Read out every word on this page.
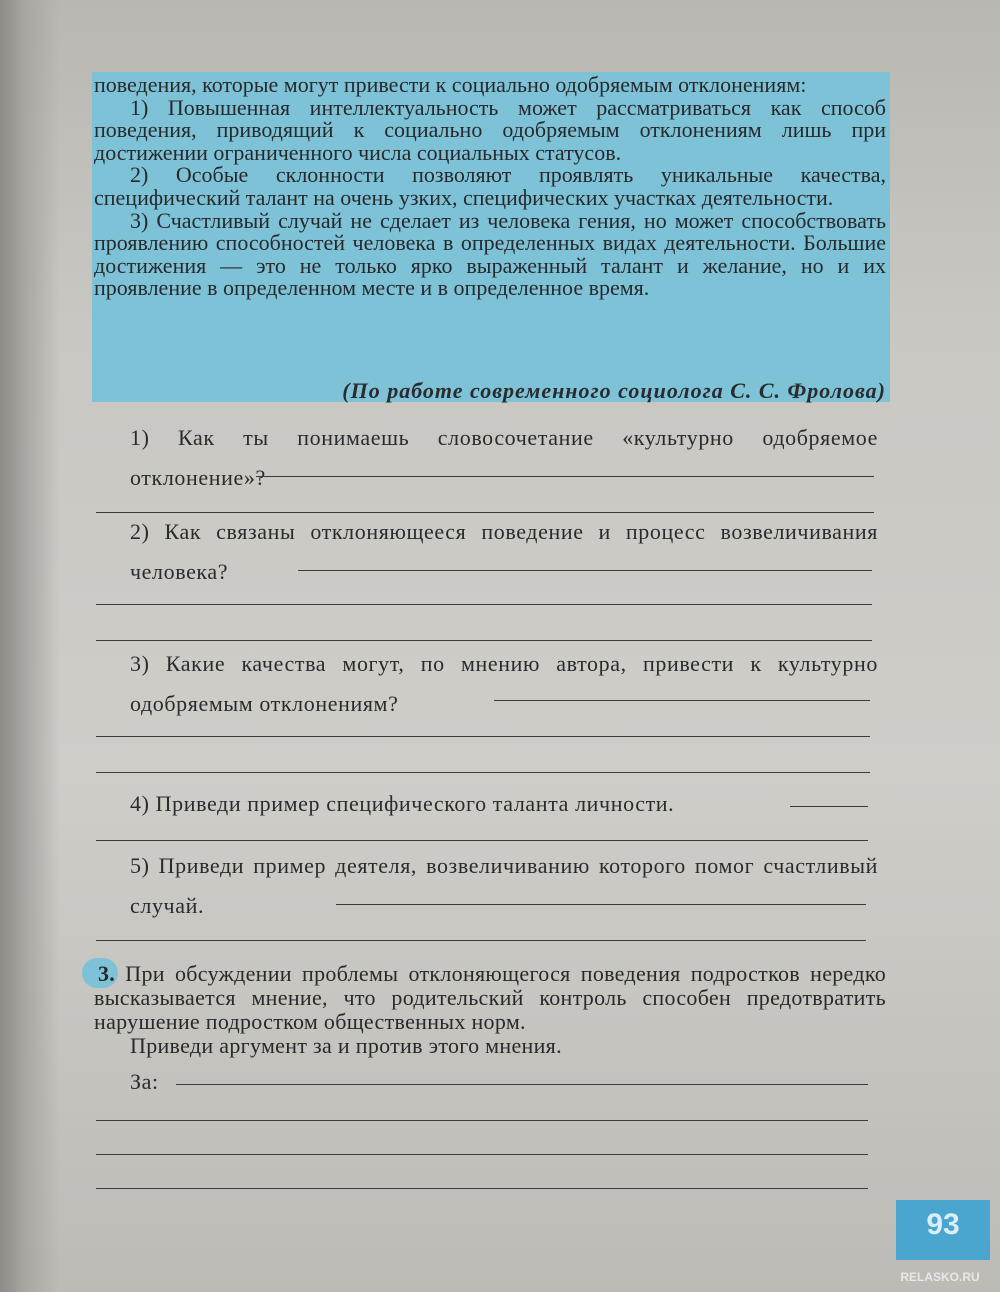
поведения, которые могут привести к социально одобряемым отклонениям:

1) Повышенная интеллектуальность может рассматриваться как способ поведения, приводящий к социально одобряемым отклонениям лишь при достижении ограниченного числа социальных статусов.

2) Особые склонности позволяют проявлять уникальные качества, специфический талант на очень узких, специфических участках деятельности.

3) Счастливый случай не сделает из человека гения, но может способствовать проявлению способностей человека в определенных видах деятельности. Большие достижения — это не только ярко выраженный талант и желание, но и их проявление в определенном месте и в определенное время.

(По работе современного социолога С. С. Фролова)
1) Как ты понимаешь словосочетание «культурно одобряемое отклонение»?
2) Как связаны отклоняющееся поведение и процесс возвеличивания человека?
3) Какие качества могут, по мнению автора, привести к культурно одобряемым отклонениям?
4) Приведи пример специфического таланта личности.
5) Приведи пример деятеля, возвеличиванию которого помог счастливый случай.

3. При обсуждении проблемы отклоняющегося поведения подростков нередко высказывается мнение, что родительский контроль способен предотвратить нарушение подростком общественных норм.

Приведи аргумент за и против этого мнения.

За:
93
RELASKO.RU
